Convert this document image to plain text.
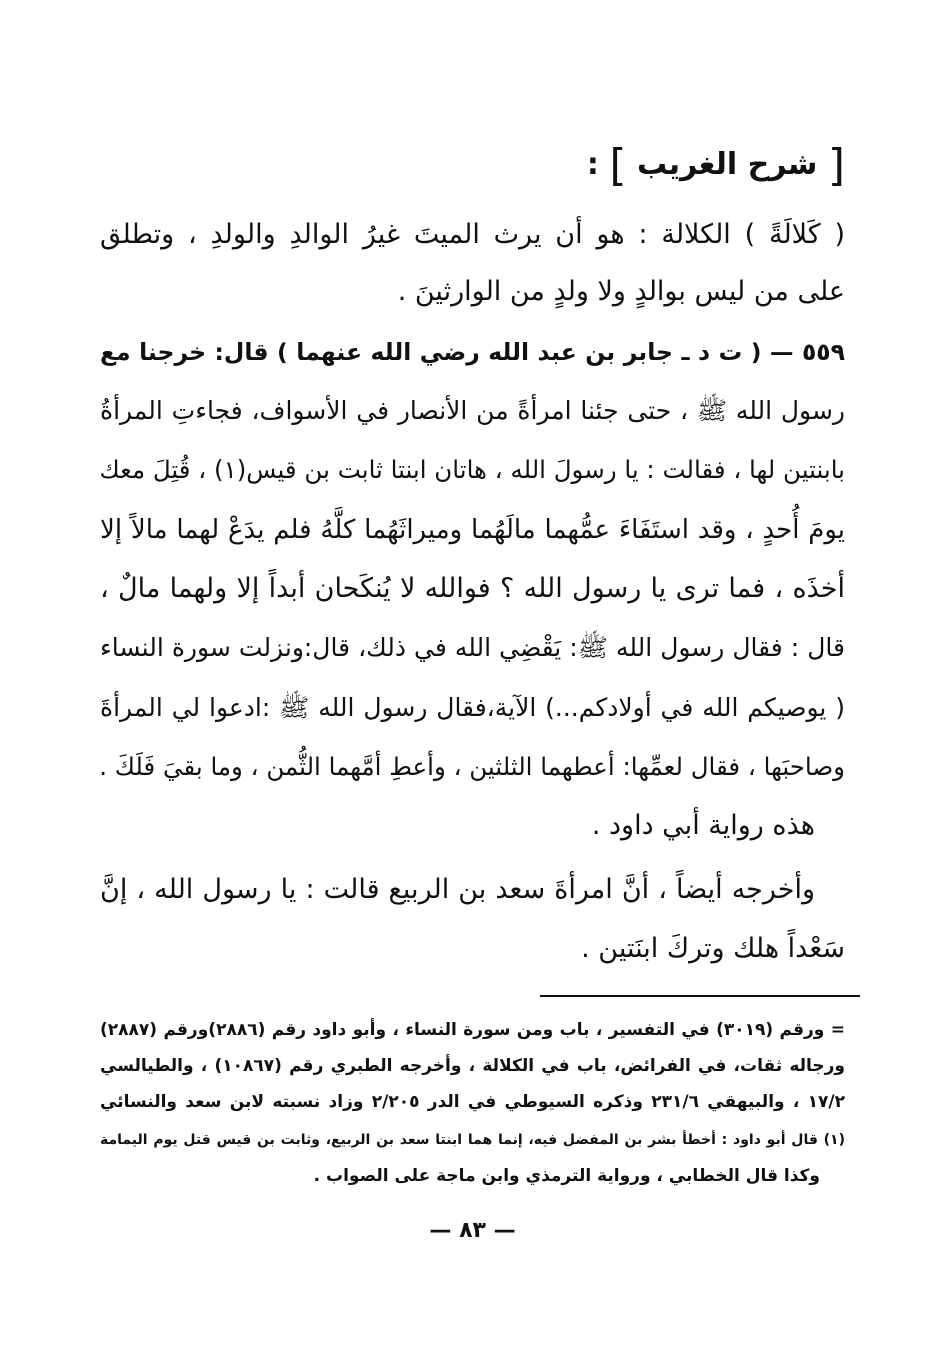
[ شرح الغريب ] :
( كَلالَةً ) الكلالة : هو أن يرث الميتَ غيرُ الوالدِ والولدِ ، وتطلق
على من ليس بوالدٍ ولا ولدٍ من الوارثينَ .
٥٥٩ — ( ت د ـ جابر بن عبد الله رضي الله عنهما ) قال: خرجنا مع
رسول الله ﷺ ، حتى جئنا امرأةً من الأنصار في الأسواف، فجاءتِ المرأةُ
بابنتين لها ، فقالت : يا رسولَ الله ، هاتان ابنتا ثابت بن قيس(١) ، قُتِلَ معك
يومَ أُحدٍ ، وقد استَفَاءَ عمُّهما مالَهُما وميراثَهُما كلَّهُ فلم يدَعْ لهما مالاً إلا
أخذَه ، فما ترى يا رسول الله ؟ فوالله لا يُنكَحان أبداً إلا ولهما مالٌ ،
قال : فقال رسول الله ﷺ: يَقْضِي الله في ذلك، قال:ونزلت سورة النساء
( يوصيكم الله في أولادكم...) الآية،فقال رسول الله ﷺ :ادعوا لي المرأةَ
وصاحبَها ، فقال لعمِّها: أعطهما الثلثين ، وأعطِ أمَّهما الثُّمن ، وما بقيَ فَلَكَ .
هذه رواية أبي داود .
وأخرجه أيضاً ، أنَّ امرأةَ سعد بن الربيع قالت : يا رسول الله ، إنَّ
سَعْداً هلك وتركَ ابنَتين .
= ورقم (٣٠١٩) في التفسير ، باب ومن سورة النساء ، وأبو داود رقم (٢٨٨٦)ورقم (٢٨٨٧)
ورجاله ثقات، في الفرائض، باب في الكلالة ، وأخرجه الطبري رقم (١٠٨٦٧) ، والطيالسي
١٧/٢ ، والبيهقي ٢٣١/٦ وذكره السيوطي في الدر ٢/٢٠٥ وزاد نسبته لابن سعد والنسائي
(١) قال أبو داود : أخطأ بشر بن المفضل فيه، إنما هما ابنتا سعد بن الربيع، وثابت بن قيس قتل يوم اليمامة
وكذا قال الخطابي ، ورواية الترمذي وابن ماجة على الصواب .
— ٨٣ —
